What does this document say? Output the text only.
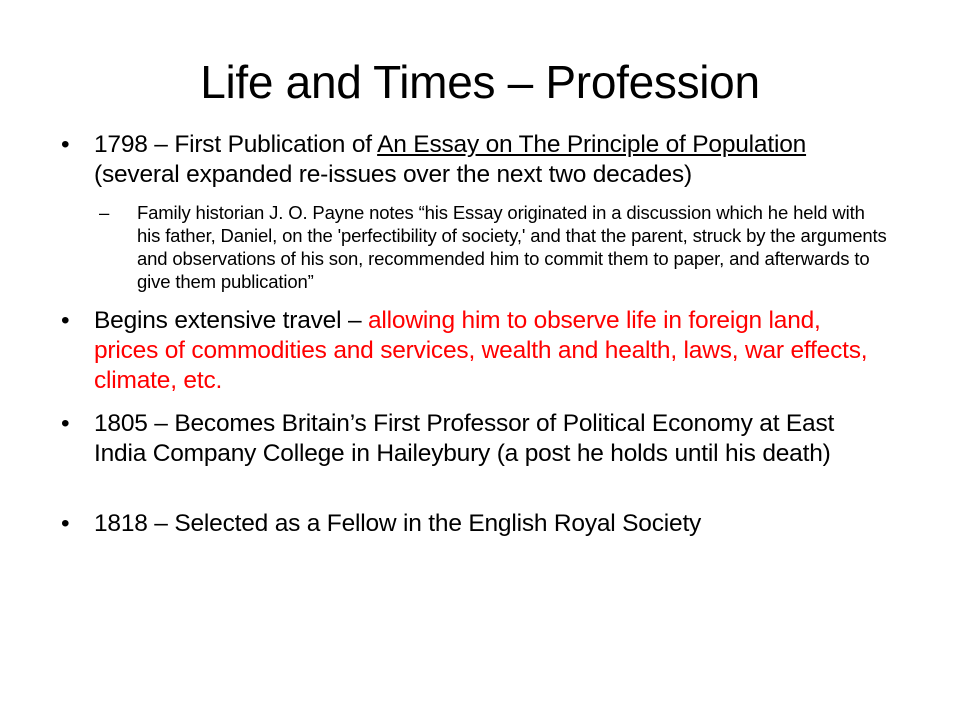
Life and Times – Profession
•	1798 – First Publication of An Essay on The Principle of Population (several expanded re-issues over the next two decades)
– Family historian J. O. Payne notes “his Essay originated in a discussion which he held with his father, Daniel, on the 'perfectibility of society,' and that the parent, struck by the arguments and observations of his son, recommended him to commit them to paper, and afterwards to give them publication”
•	Begins extensive travel – allowing him to observe life in foreign land, prices of commodities and services, wealth and health, laws, war effects, climate, etc.
•	1805 – Becomes Britain’s First Professor of Political Economy at East India Company College in Haileybury (a post he holds until his death)
•	1818 – Selected as a Fellow in the English Royal Society
